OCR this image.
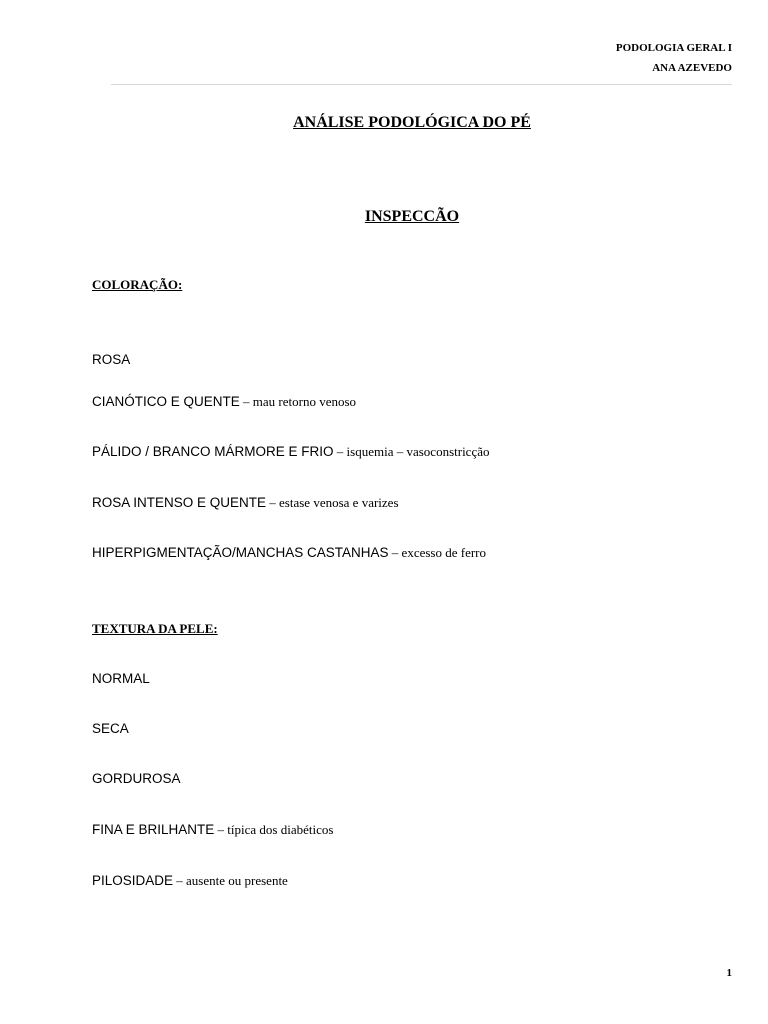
PODOLOGIA GERAL I
ANA AZEVEDO
ANÁLISE PODOLÓGICA DO PÉ
INSPECCÃO
COLORAÇÃO:
ROSA
CIANÓTICO E QUENTE – mau retorno venoso
PÁLIDO / BRANCO MÁRMORE E FRIO – isquemia – vasoconstricção
ROSA INTENSO E QUENTE – estase venosa e varizes
HIPERPIGMENTAÇÃO/MANCHAS CASTANHAS – excesso de ferro
TEXTURA DA PELE:
NORMAL
SECA
GORDUROSA
FINA E BRILHANTE – típica dos diabéticos
PILOSIDADE – ausente ou presente
1
